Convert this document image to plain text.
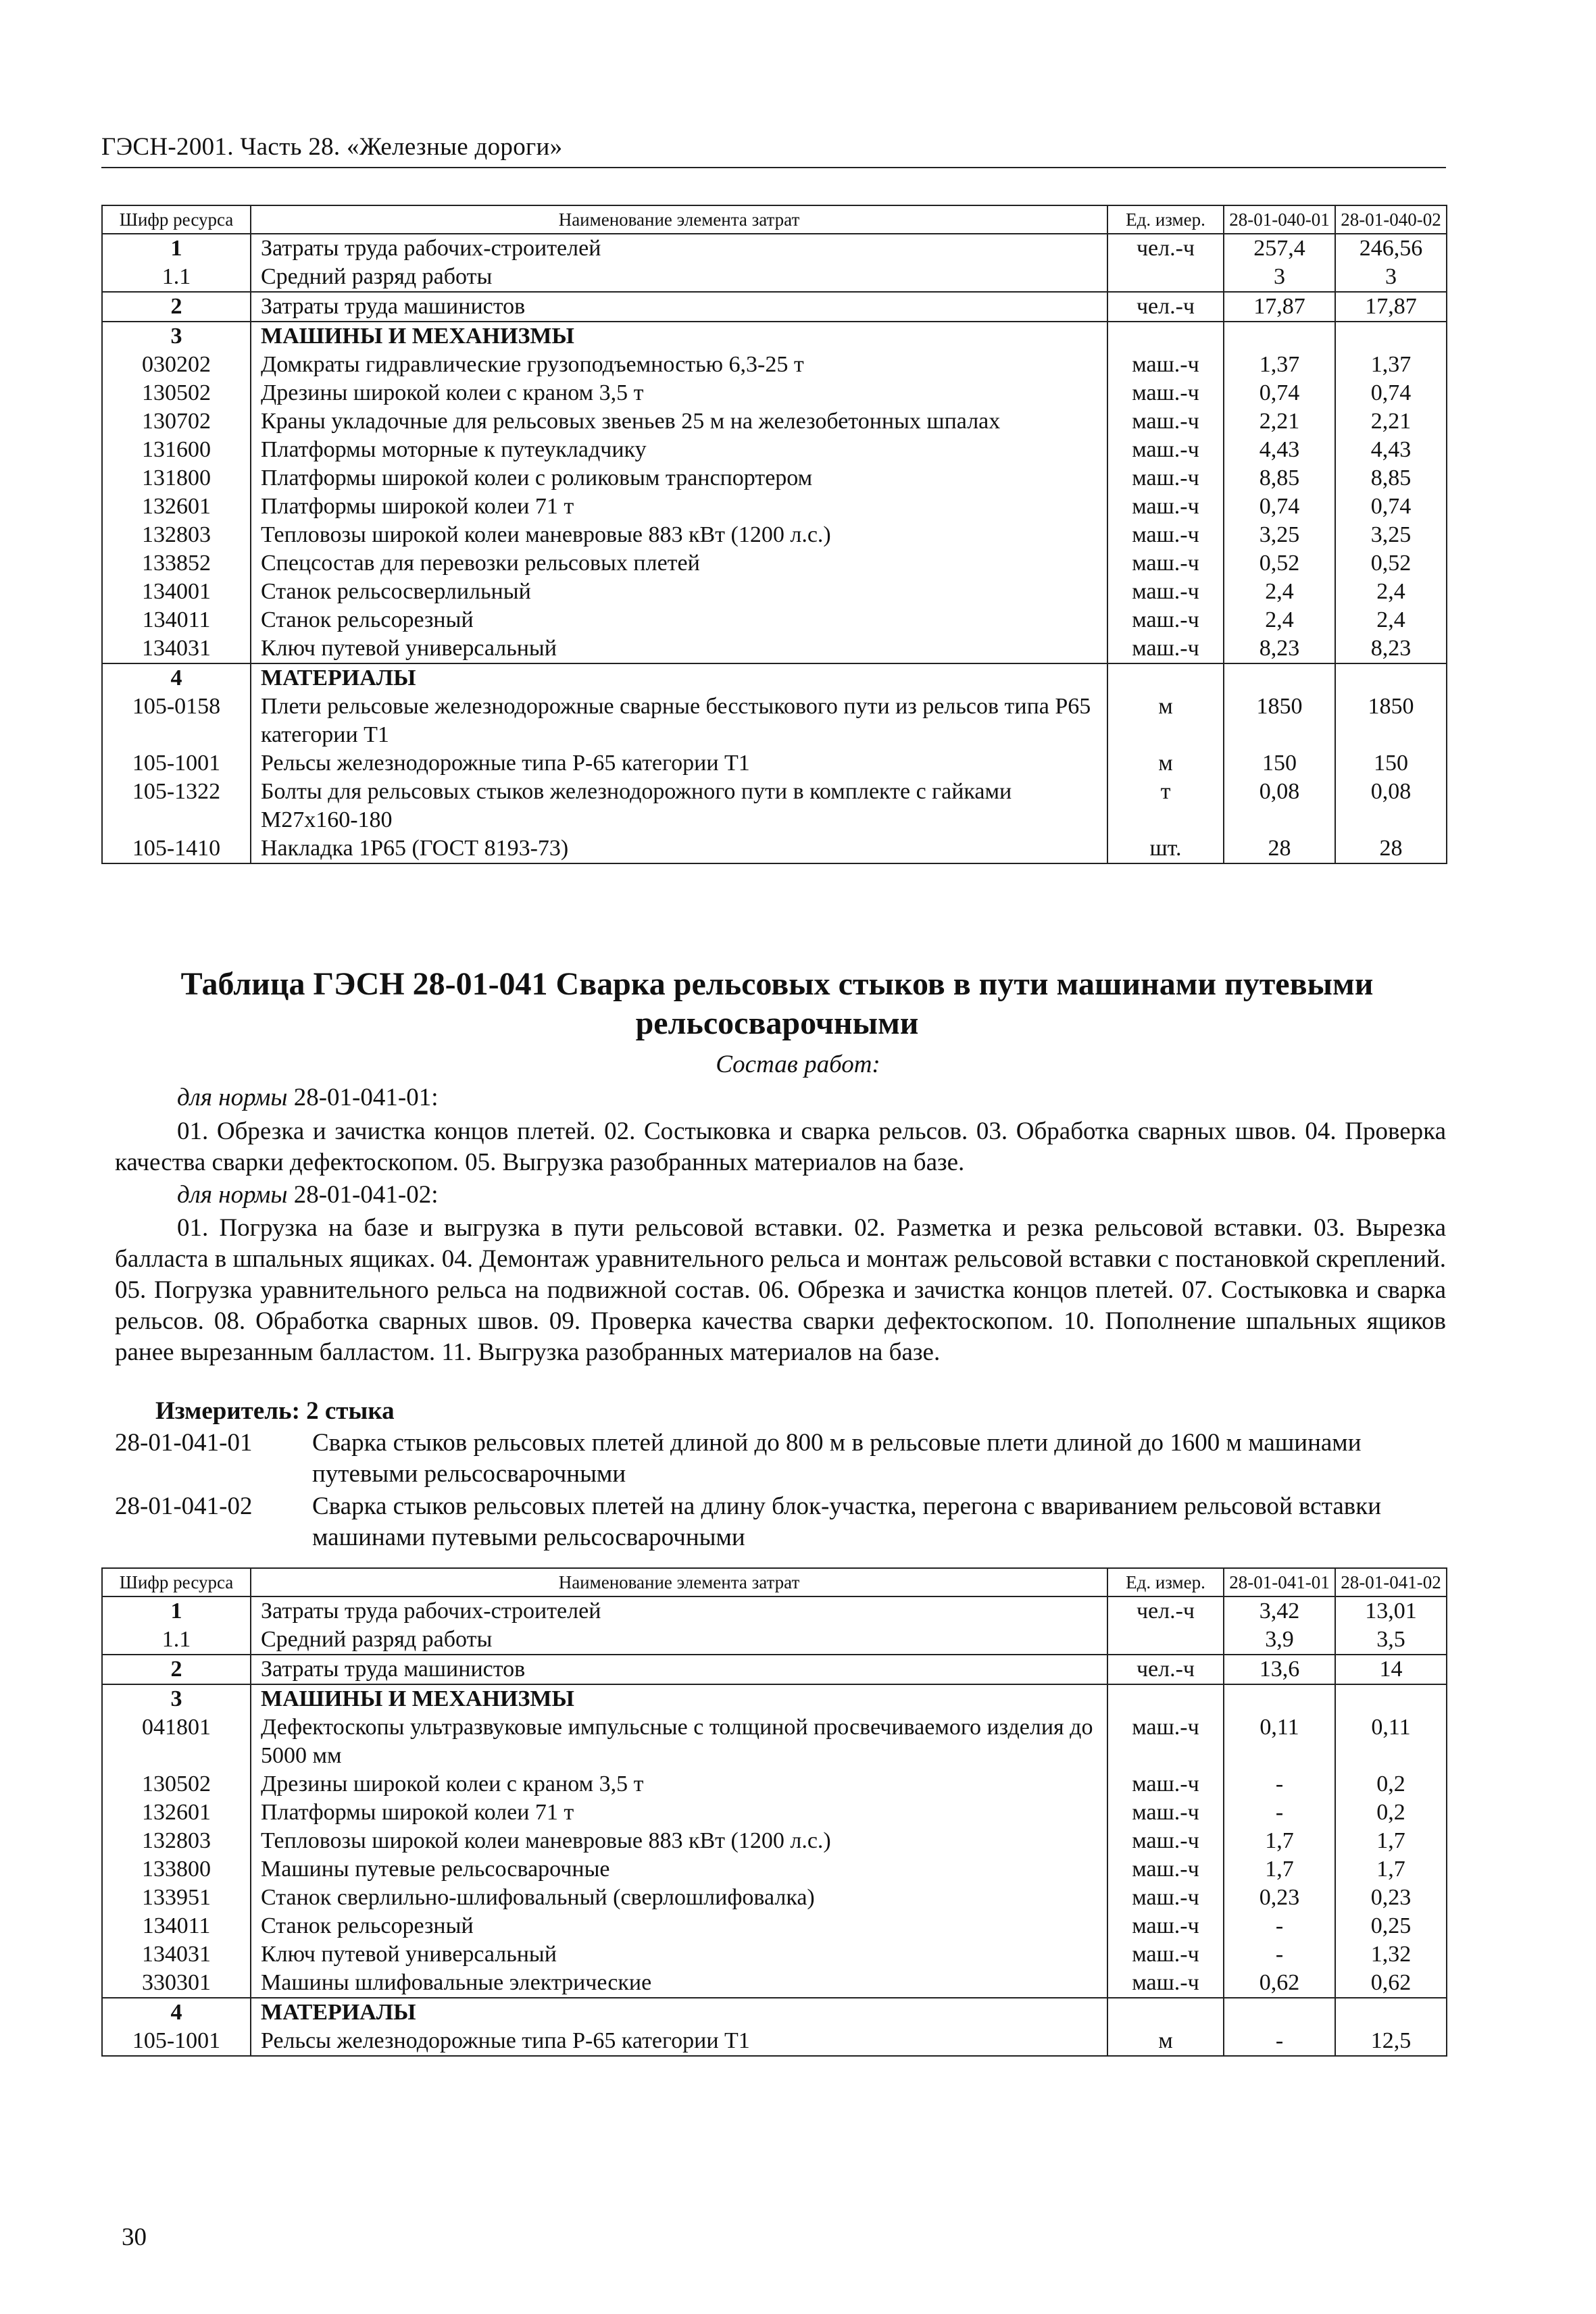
ГЭСН-2001. Часть 28. «Железные дороги»
Шифр ресурса	Наименование элемента затрат	Ед. измер.	28-01-040-01	28-01-040-02
1	Затраты труда рабочих-строителей	чел.-ч	257,4	246,56
1.1	Средний разряд работы		3	3
2	Затраты труда машинистов	чел.-ч	17,87	17,87
3	МАШИНЫ И МЕХАНИЗМЫ			
030202	Домкраты гидравлические грузоподъемностью 6,3-25 т	маш.-ч	1,37	1,37
130502	Дрезины широкой колеи с краном 3,5 т	маш.-ч	0,74	0,74
130702	Краны укладочные для рельсовых звеньев 25 м на железобетонных шпалах	маш.-ч	2,21	2,21
131600	Платформы моторные к путеукладчику	маш.-ч	4,43	4,43
131800	Платформы широкой колеи с роликовым транспортером	маш.-ч	8,85	8,85
132601	Платформы широкой колеи 71 т	маш.-ч	0,74	0,74
132803	Тепловозы широкой колеи маневровые 883 кВт (1200 л.с.)	маш.-ч	3,25	3,25
133852	Спецсостав для перевозки рельсовых плетей	маш.-ч	0,52	0,52
134001	Станок рельсосверлильный	маш.-ч	2,4	2,4
134011	Станок рельсорезный	маш.-ч	2,4	2,4
134031	Ключ путевой универсальный	маш.-ч	8,23	8,23
4	МАТЕРИАЛЫ			
105-0158	Плети рельсовые железнодорожные сварные бесстыкового пути из рельсов типа Р65 категории Т1	м	1850	1850
105-1001	Рельсы железнодорожные типа Р-65 категории Т1	м	150	150
105-1322	Болты для рельсовых стыков железнодорожного пути в комплекте с гайками М27х160-180	т	0,08	0,08
105-1410	Накладка 1Р65 (ГОСТ 8193-73)	шт.	28	28
Таблица ГЭСН 28-01-041 Сварка рельсовых стыков в пути машинами путевыми рельсосварочными
Состав работ:
для нормы 28-01-041-01:
01. Обрезка и зачистка концов плетей. 02. Состыковка и сварка рельсов. 03. Обработка сварных швов. 04. Проверка качества сварки дефектоскопом. 05. Выгрузка разобранных материалов на базе.
для нормы 28-01-041-02:
01. Погрузка на базе и выгрузка в пути рельсовой вставки. 02. Разметка и резка рельсовой вставки. 03. Вырезка балласта в шпальных ящиках. 04. Демонтаж уравнительного рельса и монтаж рельсовой вставки с постановкой скреплений. 05. Погрузка уравнительного рельса на подвижной состав. 06. Обрезка и зачистка концов плетей. 07. Состыковка и сварка рельсов. 08. Обработка сварных швов. 09. Проверка качества сварки дефектоскопом. 10. Пополнение шпальных ящиков ранее вырезанным балластом. 11. Выгрузка разобранных материалов на базе.
Измеритель: 2 стыка
28-01-041-01	Сварка стыков рельсовых плетей длиной до 800 м в рельсовые плети длиной до 1600 м машинами путевыми рельсосварочными
28-01-041-02	Сварка стыков рельсовых плетей на длину блок-участка, перегона с ввариванием рельсовой вставки машинами путевыми рельсосварочными
Шифр ресурса	Наименование элемента затрат	Ед. измер.	28-01-041-01	28-01-041-02
1	Затраты труда рабочих-строителей	чел.-ч	3,42	13,01
1.1	Средний разряд работы		3,9	3,5
2	Затраты труда машинистов	чел.-ч	13,6	14
3	МАШИНЫ И МЕХАНИЗМЫ			
041801	Дефектоскопы ультразвуковые импульсные с толщиной просвечиваемого изделия до 5000 мм	маш.-ч	0,11	0,11
130502	Дрезины широкой колеи с краном 3,5 т	маш.-ч	-	0,2
132601	Платформы широкой колеи 71 т	маш.-ч	-	0,2
132803	Тепловозы широкой колеи маневровые 883 кВт (1200 л.с.)	маш.-ч	1,7	1,7
133800	Машины путевые рельсосварочные	маш.-ч	1,7	1,7
133951	Станок сверлильно-шлифовальный (сверлошлифовалка)	маш.-ч	0,23	0,23
134011	Станок рельсорезный	маш.-ч	-	0,25
134031	Ключ путевой универсальный	маш.-ч	-	1,32
330301	Машины шлифовальные электрические	маш.-ч	0,62	0,62
4	МАТЕРИАЛЫ			
105-1001	Рельсы железнодорожные типа Р-65 категории Т1	м	-	12,5
30
